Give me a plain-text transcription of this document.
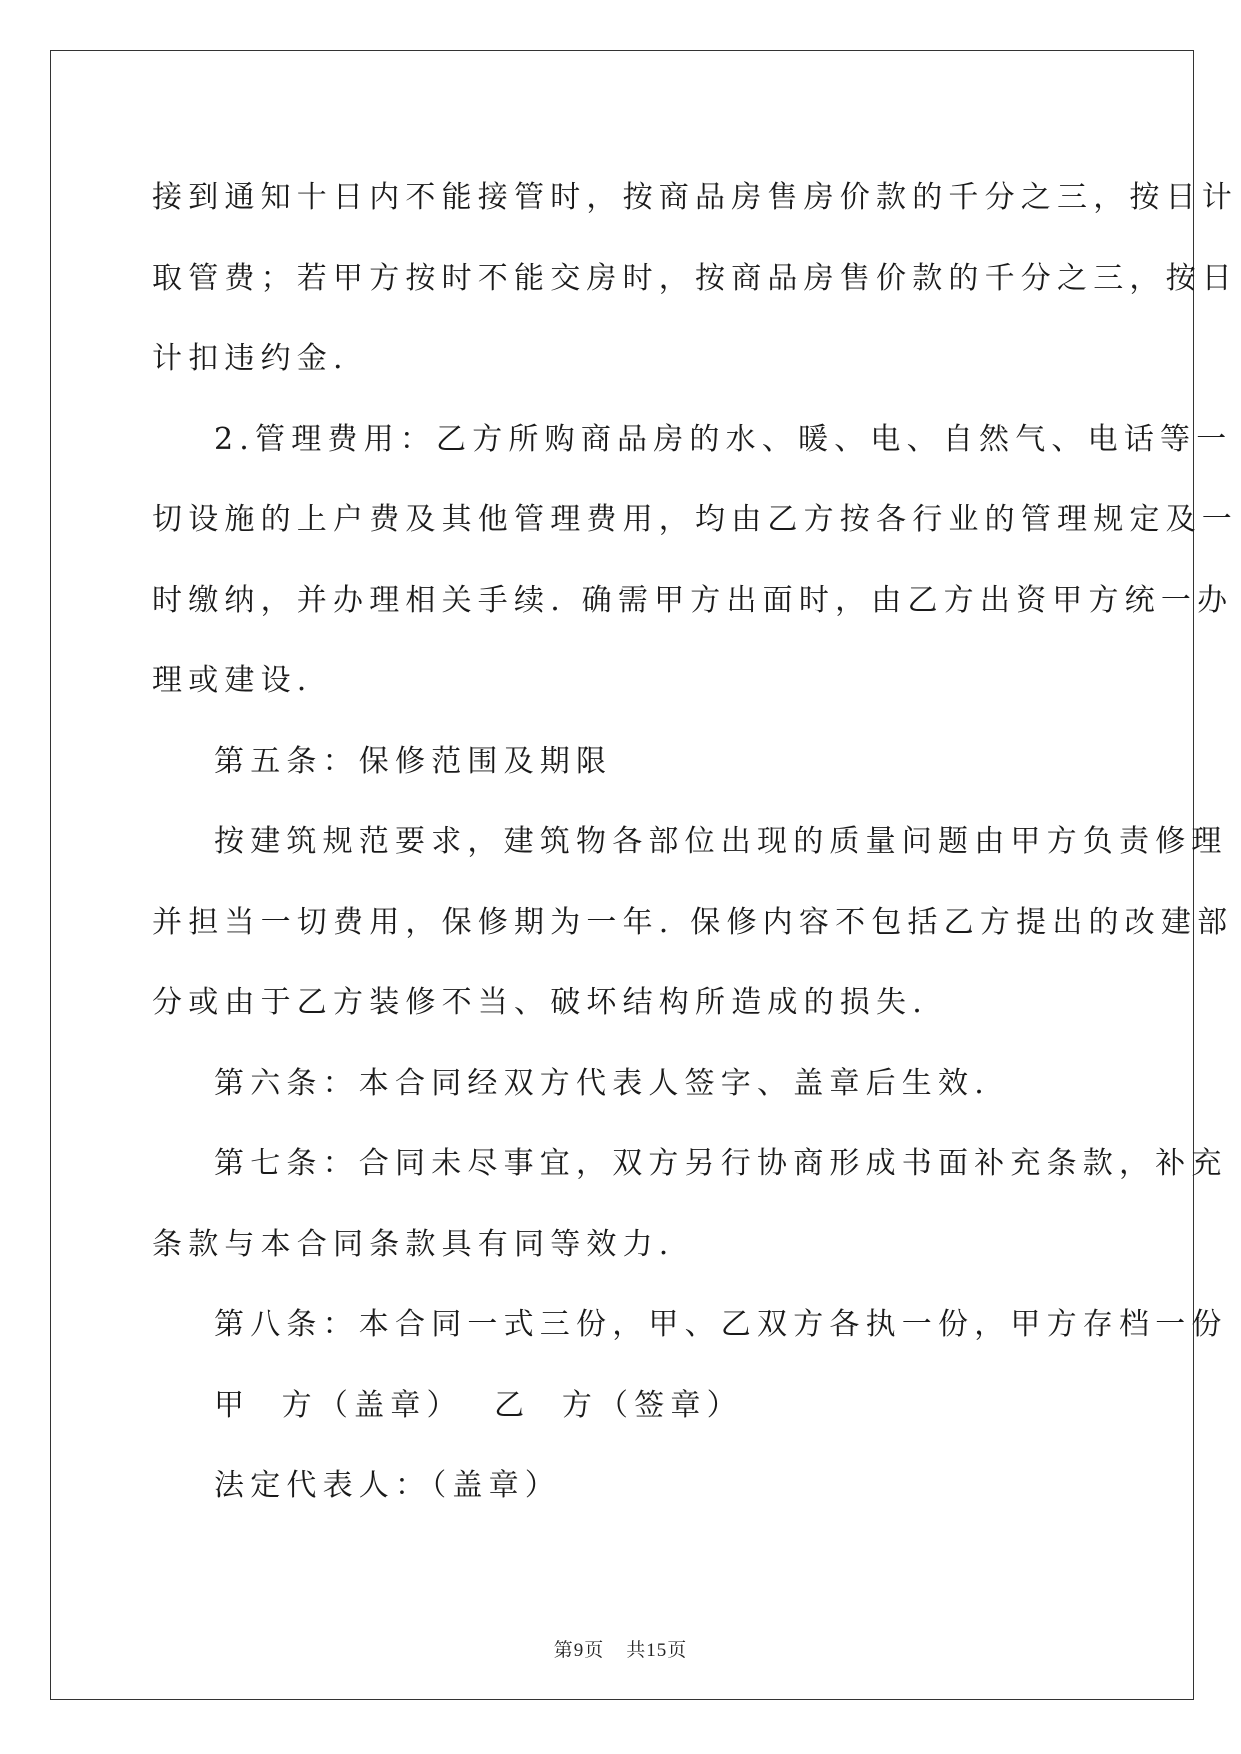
接到通知十日内不能接管时，按商品房售房价款的千分之三，按日计
取管费；若甲方按时不能交房时，按商品房售价款的千分之三，按日
计扣违约金.

2.管理费用：乙方所购商品房的水、暖、电、自然气、电话等一
切设施的上户费及其他管理费用，均由乙方按各行业的管理规定及一
时缴纳，并办理相关手续. 确需甲方出面时，由乙方出资甲方统一办
理或建设.

第五条：保修范围及期限

按建筑规范要求，建筑物各部位出现的质量问题由甲方负责修理
并担当一切费用，保修期为一年. 保修内容不包括乙方提出的改建部
分或由于乙方装修不当、破坏结构所造成的损失.

第六条：本合同经双方代表人签字、盖章后生效.

第七条：合同未尽事宜，双方另行协商形成书面补充条款，补充
条款与本合同条款具有同等效力.

第八条：本合同一式三份，甲、乙双方各执一份，甲方存档一份

甲  方（盖章）  乙  方（签章）

法定代表人：（盖章）

第9页 共15页
